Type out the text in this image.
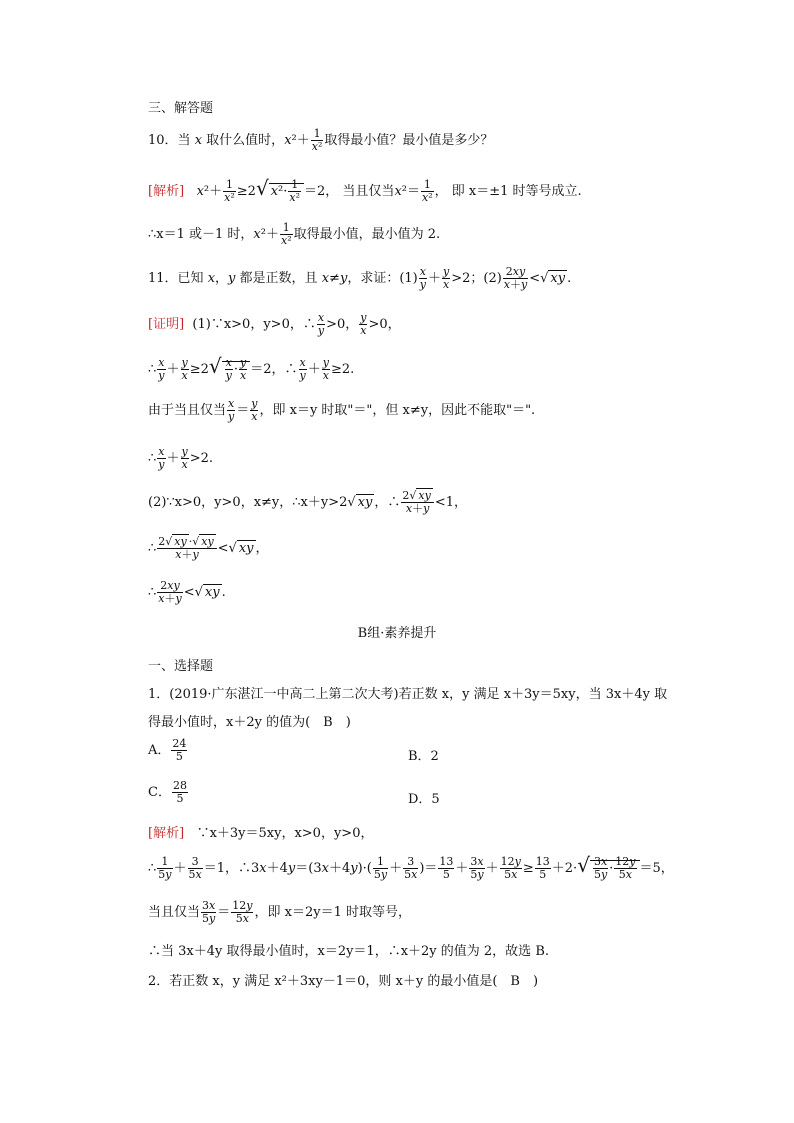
三、解答题
10．当 x 取什么值时，$x^2+ \frac{1}{\text{x²}}$ 取得最小值？最小值是多少？
[解析] $x^2+ \frac{1}{\text{x²}} \ge 2√$ $x^2\cdot \frac{1}{\text{x²}} =2$， 当且仅当$x^2= \frac{1}{\text{x²}}$ ， 即 x＝±1 时等号成立.
∴x＝1 或－1 时，$x^2+ \frac{1}{\text{x²}}$ 取得最小值，最小值为 2.
11．已知 x，y 都是正数，且 x≠y，求证：$(1) \frac{x}{y} + \frac{y}{x} >2$；$(2) \frac{2xy}{x+y}$ <√ xy .
[证明] (1)∵x>0，y>0，∴ $\frac{x}{y} >0$， $\frac{y}{x} >0$，
∴ $\frac{x}{y} + \frac{y}{x} \ge 2√ \frac{x}{y} \cdot \frac{y}{x} =2$，∴ $\frac{x}{y} + \frac{y}{x} \ge 2$.
由于当且仅当 $\frac{x}{y} = \frac{y}{x}$ ，即 x＝y 时取"＝"，但 x≠y，因此不能取"＝".
∴ $\frac{x}{y} + \frac{y}{x} >2$.
(2)∵x>0，y>0，x≠y，∴x＋y>2√ xy ，∴ $\frac{2√ xy}{x+y} <1$，
∴ $\frac{2√ xy \cdot√ xy}{x+y}$ <√ xy ，
∴ $\frac{2xy}{x+y}$ <√ xy .
B组·素养提升
一、选择题
1．(2019·广东湛江一中高二上第二次大考)若正数 x，y 满足 x＋3y＝5xy，当 3x＋4y 取
得最小值时，x＋2y 的值为(　B　)
A． $\frac{24}{5}$	B．2
C． $\frac{28}{5}$	D．5
[解析] ∵x＋3y＝5xy，x>0，y>0，
∴ $\frac{1}{5y} + \frac{3}{5x} =1$，∴3x＋4y＝(3x＋4y)·( $\frac{1}{5y} + \frac{3}{5x}$ )＝ $\frac{13}{5} + \frac{3x}{5y} + \frac{12y}{5x} \ge \frac{13}{5} +2\cdot√ \frac{3x}{5y} \cdot \frac{12y}{5x} =5$，
当且仅当 $\frac{3x}{5y} = \frac{12y}{5x}$ ，即 x＝2y＝1 时取等号，
∴当 3x＋4y 取得最小值时，x＝2y＝1，∴x＋2y 的值为 2，故选 B.
2．若正数 x，y 满足 x²＋3xy－1＝0，则 x＋y 的最小值是(　B　)
